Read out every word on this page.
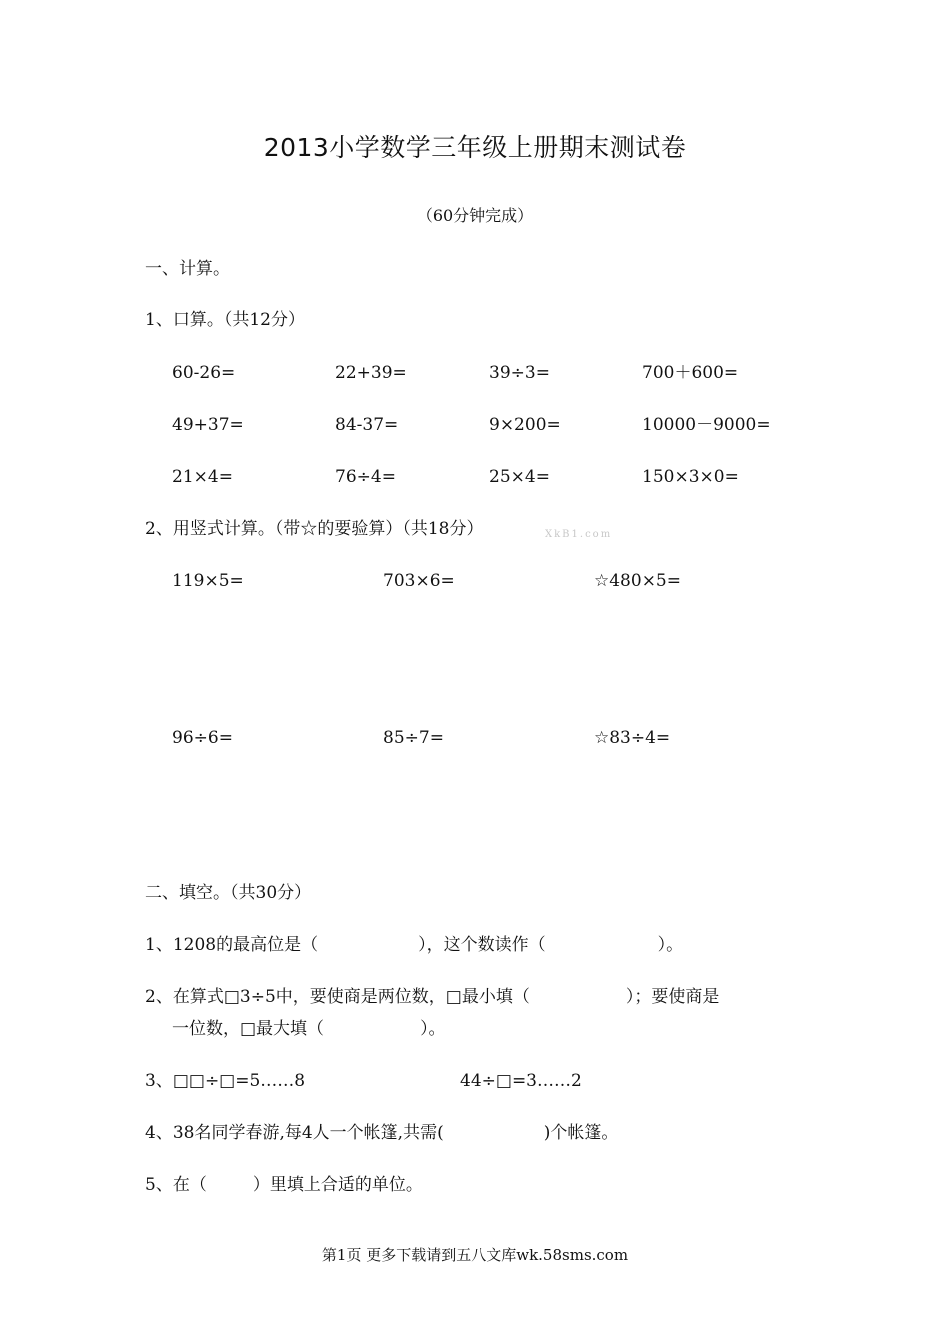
2013小学数学三年级上册期末测试卷
（60分钟完成）
一、计算。
1、口算。（共12分）
60-26=	22+39=	39÷3=	700＋600=
49+37=	84-37=	9×200=	10000－9000=
21×4=	76÷4=	25×4=	150×3×0=
2、用竖式计算。（带☆的要验算）（共18分）	XkB1.com
119×5=	703×6=	☆480×5=
96÷6=	85÷7=	☆83÷4=
二、填空。（共30分）
1、1208的最高位是（	），这个数读作（	）。
2、在算式□3÷5中，要使商是两位数，□最小填（	）；要使商是
一位数，□最大填（	）。
3、□□÷□=5……8	44÷□=3……2
4、38名同学春游,每4人一个帐篷,共需(	)个帐篷。
5、在（	）里填上合适的单位。
第1页 更多下载请到五八文库wk.58sms.com
